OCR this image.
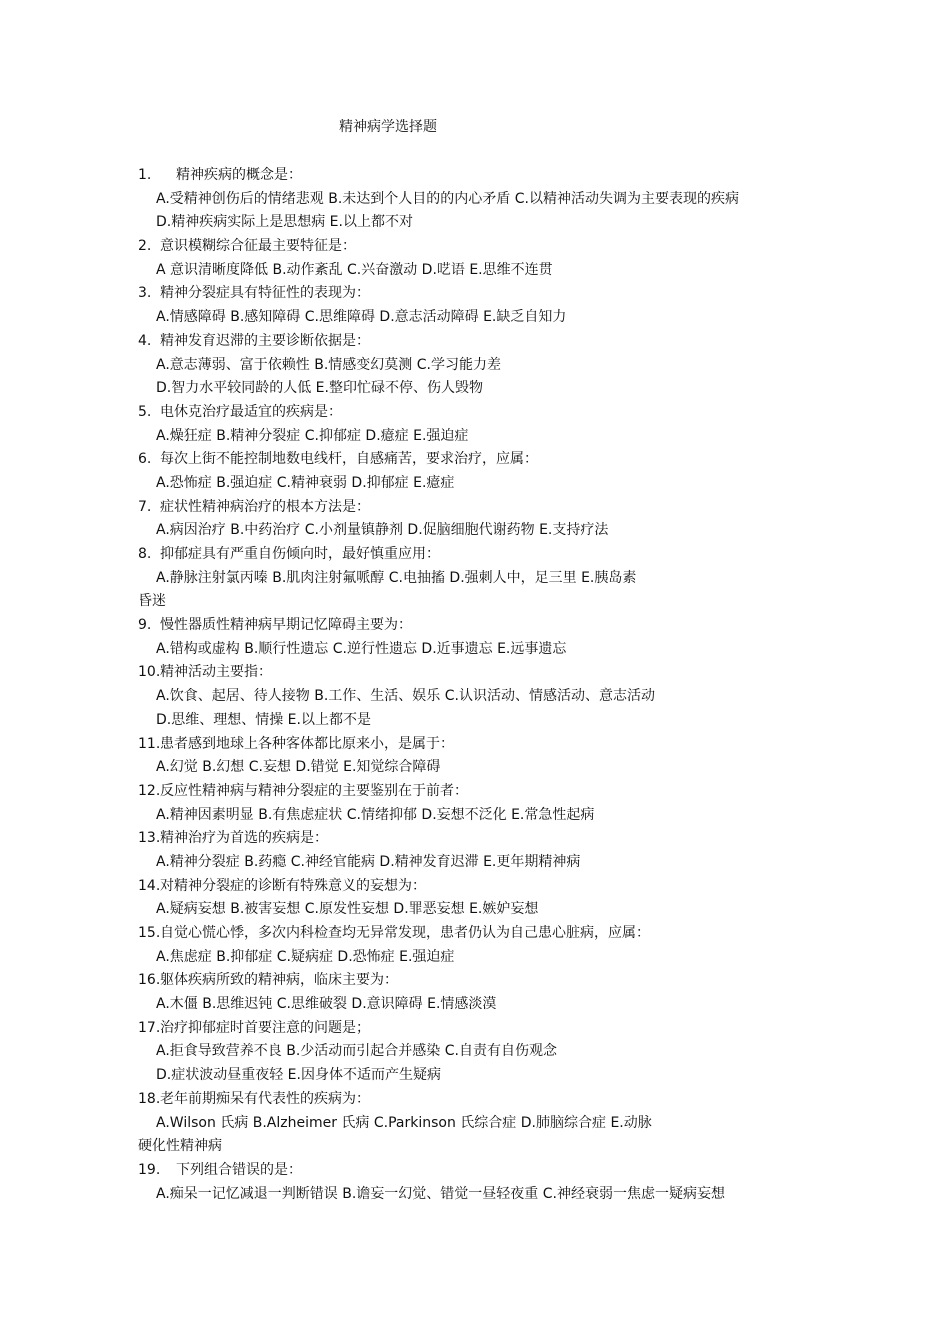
精神病学选择题
1. 精神疾病的概念是：
A.受精神创伤后的情绪悲观 B.未达到个人目的的内心矛盾 C.以精神活动失调为主要表现的疾病
D.精神疾病实际上是思想病 E.以上都不对
2. 意识模糊综合征最主要特征是：
A 意识清晰度降低 B.动作紊乱 C.兴奋激动 D.呓语 E.思维不连贯
3. 精神分裂症具有特征性的表现为：
A.情感障碍 B.感知障碍 C.思维障碍 D.意志活动障碍 E.缺乏自知力
4. 精神发育迟滞的主要诊断依据是：
A.意志薄弱、富于依赖性 B.情感变幻莫测 C.学习能力差
D.智力水平较同龄的人低 E.整印忙碌不停、伤人毁物
5. 电休克治疗最适宜的疾病是：
A.燥狂症 B.精神分裂症 C.抑郁症 D.癔症 E.强迫症
6. 每次上街不能控制地数电线杆，自感痛苦，要求治疗，应属：
A.恐怖症 B.强迫症 C.精神衰弱 D.抑郁症 E.癔症
7. 症状性精神病治疗的根本方法是：
A.病因治疗 B.中药治疗 C.小剂量镇静剂 D.促脑细胞代谢药物 E.支持疗法
8. 抑郁症具有严重自伤倾向时，最好慎重应用：
A.静脉注射氯丙嗪 B.肌肉注射氟哌醇 C.电抽搐 D.强刺人中，足三里 E.胰岛素
昏迷
9. 慢性器质性精神病早期记忆障碍主要为：
A.错构或虚构 B.顺行性遗忘 C.逆行性遗忘 D.近事遗忘 E.远事遗忘
10.精神活动主要指：
A.饮食、起居、待人接物 B.工作、生活、娱乐 C.认识活动、情感活动、意志活动
D.思维、理想、情操 E.以上都不是
11.患者感到地球上各种客体都比原来小，是属于：
A.幻觉 B.幻想 C.妄想 D.错觉 E.知觉综合障碍
12.反应性精神病与精神分裂症的主要鉴别在于前者：
A.精神因素明显 B.有焦虑症状 C.情绪抑郁 D.妄想不泛化 E.常急性起病
13.精神治疗为首选的疾病是：
A.精神分裂症 B.药瘾 C.神经官能病 D.精神发育迟滞 E.更年期精神病
14.对精神分裂症的诊断有特殊意义的妄想为：
A.疑病妄想 B.被害妄想 C.原发性妄想 D.罪恶妄想 E.嫉妒妄想
15.自觉心慌心悸，多次内科检查均无异常发现，患者仍认为自己患心脏病，应属：
A.焦虑症 B.抑郁症 C.疑病症 D.恐怖症 E.强迫症
16.躯体疾病所致的精神病，临床主要为：
A.木僵 B.思维迟钝 C.思维破裂 D.意识障碍 E.情感淡漠
17.治疗抑郁症时首要注意的问题是；
A.拒食导致营养不良 B.少活动而引起合并感染 C.自责有自伤观念
D.症状波动昼重夜轻 E.因身体不适而产生疑病
18.老年前期痴呆有代表性的疾病为：
A.Wilson 氏病 B.Alzheimer 氏病 C.Parkinson 氏综合症 D.肺脑综合症 E.动脉
硬化性精神病
19. 下列组合错误的是：
A.痴呆一记忆减退一判断错误 B.谵妄一幻觉、错觉一昼轻夜重 C.神经衰弱一焦虑一疑病妄想
